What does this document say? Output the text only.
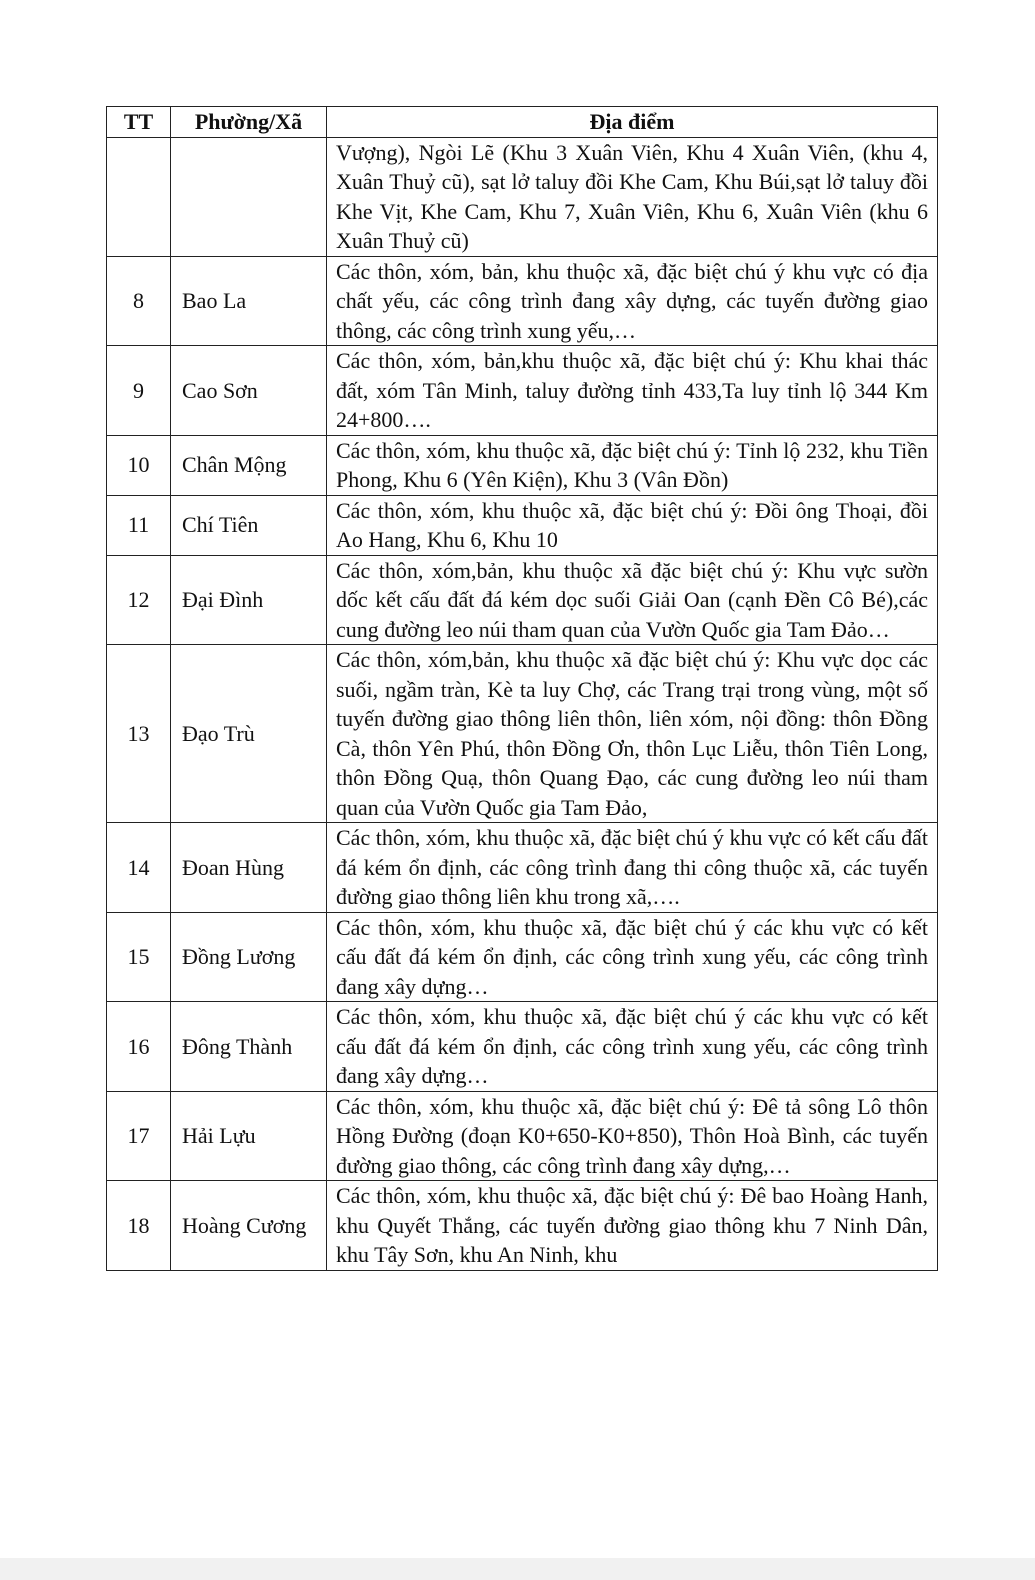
TT	Phường/Xã	Địa điểm
		Vượng), Ngòi Lẽ (Khu 3 Xuân Viên, Khu 4 Xuân Viên, (khu 4, Xuân Thuỷ cũ), sạt lở taluy đồi Khe Cam, Khu Búi,sạt lở taluy đồi Khe Vịt, Khe Cam, Khu 7, Xuân Viên, Khu 6, Xuân Viên (khu 6 Xuân Thuỷ cũ)
8	Bao La	Các thôn, xóm, bản, khu thuộc xã, đặc biệt chú ý khu vực có địa chất yếu, các công trình đang xây dựng, các tuyến đường giao thông, các công trình xung yếu,…
9	Cao Sơn	Các thôn, xóm, bản,khu thuộc xã, đặc biệt chú ý: Khu khai thác đất, xóm Tân Minh, taluy đường tỉnh 433,Ta luy tỉnh lộ 344 Km 24+800….
10	Chân Mộng	Các thôn, xóm, khu thuộc xã, đặc biệt chú ý: Tỉnh lộ 232, khu Tiền Phong, Khu 6 (Yên Kiện), Khu 3 (Vân Đồn)
11	Chí Tiên	Các thôn, xóm, khu thuộc xã, đặc biệt chú ý: Đồi ông Thoại, đồi Ao Hang, Khu 6, Khu 10
12	Đại Đình	Các thôn, xóm,bản, khu thuộc xã đặc biệt chú ý: Khu vực sườn dốc kết cấu đất đá kém dọc suối Giải Oan (cạnh Đền Cô Bé),các cung đường leo núi tham quan của Vườn Quốc gia Tam Đảo…
13	Đạo Trù	Các thôn, xóm,bản, khu thuộc xã đặc biệt chú ý: Khu vực dọc các suối, ngầm tràn, Kè ta luy Chợ, các Trang trại trong vùng, một số tuyến đường giao thông liên thôn, liên xóm, nội đồng: thôn Đồng Cà, thôn Yên Phú, thôn Đồng Ơn, thôn Lục Liễu, thôn Tiên Long, thôn Đồng Quạ, thôn Quang Đạo, các cung đường leo núi tham quan của Vườn Quốc gia Tam Đảo,
14	Đoan Hùng	Các thôn, xóm, khu thuộc xã, đặc biệt chú ý khu vực có kết cấu đất đá kém ổn định, các công trình đang thi công thuộc xã, các tuyến đường giao thông liên khu trong xã,….
15	Đồng Lương	Các thôn, xóm, khu thuộc xã, đặc biệt chú ý các khu vực có kết cấu đất đá kém ổn định, các công trình xung yếu, các công trình đang xây dựng…
16	Đông Thành	Các thôn, xóm, khu thuộc xã, đặc biệt chú ý các khu vực có kết cấu đất đá kém ổn định, các công trình xung yếu, các công trình đang xây dựng…
17	Hải Lựu	Các thôn, xóm, khu thuộc xã, đặc biệt chú ý: Đê tả sông Lô thôn Hồng Đường (đoạn K0+650-K0+850), Thôn Hoà Bình, các tuyến đường giao thông, các công trình đang xây dựng,…
18	Hoàng Cương	Các thôn, xóm, khu thuộc xã, đặc biệt chú ý: Đê bao Hoàng Hanh, khu Quyết Thắng, các tuyến đường giao thông khu 7 Ninh Dân, khu Tây Sơn, khu An Ninh, khu
